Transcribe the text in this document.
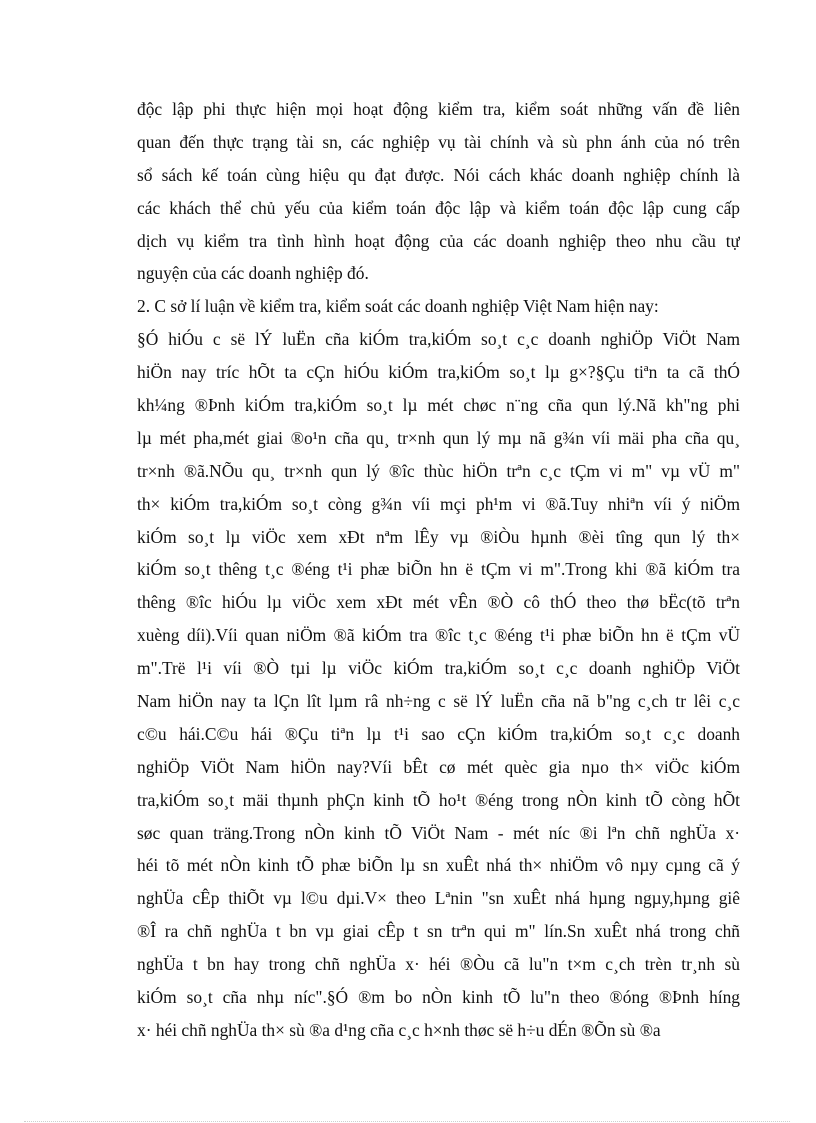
độc lập phi thực hiện mọi hoạt động kiểm tra, kiểm soát những vấn đề liên
quan đến thực trạng tài sn, các nghiệp vụ tài chính và sù phn ánh của nó trên
sổ sách kế toán cùng hiệu qu đạt được. Nói cách khác doanh nghiệp chính là
các khách thể chủ yếu của kiểm toán độc lập và kiểm toán độc lập cung cấp
dịch vụ kiểm tra tình hình hoạt động của các doanh nghiệp theo nhu cầu tự
nguyện của các doanh nghiệp đó.
2. C sở lí luận về kiểm tra, kiểm soát các doanh nghiệp Việt Nam hiện nay:
§Ó hiÓu c së lÝ luËn cña kiÓm tra,kiÓm so¸t c¸c doanh nghiÖp ViÖt Nam
hiÖn nay tríc hÕt ta cÇn hiÓu kiÓm tra,kiÓm so¸t lµ g×?§Çu tiªn ta cã thÓ
kh¼ng ®Þnh kiÓm tra,kiÓm so¸t lµ mét chøc n¨ng cña qun lý.Nã kh"ng phi
lµ mét pha,mét giai ®o¹n cña qu¸ tr×nh qun lý mµ nã g¾n víi mäi pha cña qu¸
tr×nh ®ã.NÕu qu¸ tr×nh qun lý ®îc thùc hiÖn trªn c¸c tÇm vi m" vµ vÜ m"
th× kiÓm tra,kiÓm so¸t còng g¾n víi mçi ph¹m vi ®ã.Tuy nhiªn víi ý niÖm
kiÓm so¸t lµ viÖc xem xÐt nªm lÊy vµ ®iÒu hµnh ®èi tîng qun lý th×
kiÓm so¸t thêng t¸c ®éng t¹i phæ biÕn hn ë tÇm vi m".Trong khi ®ã kiÓm tra
thêng ®îc hiÓu lµ viÖc xem xÐt mét vÊn ®Ò cô thÓ theo thø bËc(tõ trªn
xuèng díi).Víi quan niÖm ®ã kiÓm tra ®îc t¸c ®éng t¹i phæ biÕn hn ë tÇm vÜ
m".Trë l¹i víi ®Ò tµi lµ viÖc kiÓm tra,kiÓm so¸t c¸c doanh nghiÖp ViÖt
Nam hiÖn nay ta lÇn lît lµm râ nh÷ng c së lÝ luËn cña nã b"ng c¸ch tr lêi c¸c
c©u hái.C©u hái ®Çu tiªn lµ t¹i sao cÇn kiÓm tra,kiÓm so¸t c¸c doanh
nghiÖp ViÖt Nam hiÖn nay?Víi bÊt cø mét quèc gia nµo th× viÖc kiÓm
tra,kiÓm so¸t mäi thµnh phÇn kinh tÕ ho¹t ®éng trong nÒn kinh tÕ còng hÕt
søc quan träng.Trong nÒn kinh tÕ ViÖt Nam - mét níc ®i lªn chñ nghÜa x·
héi tõ mét nÒn kinh tÕ phæ biÕn lµ sn xuÊt nhá th× nhiÖm vô nµy cµng cã ý
nghÜa cÊp thiÕt vµ l©u dµi.V× theo Lªnin "sn xuÊt nhá hµng ngµy,hµng giê
®Î ra chñ nghÜa t bn vµ giai cÊp t sn trªn qui m" lín.Sn xuÊt nhá trong chñ
nghÜa t bn hay trong chñ nghÜa x· héi ®Òu cã lu"n t×m c¸ch trèn tr¸nh sù
kiÓm so¸t cña nhµ níc".§Ó ®m bo nÒn kinh tÕ lu"n theo ®óng ®Þnh híng
x· héi chñ nghÜa th× sù ®a d¹ng cña c¸c h×nh thøc së h÷u dÉn ®Õn sù ®a
